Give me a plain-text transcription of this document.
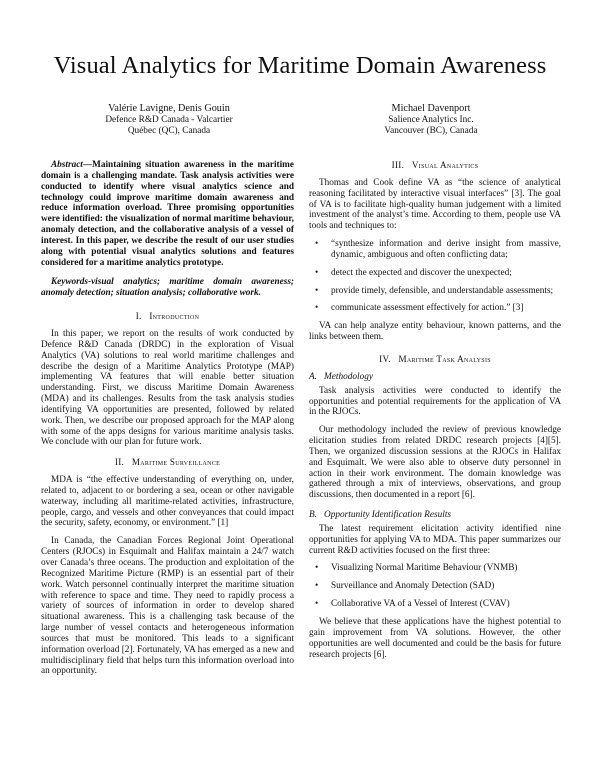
Visual Analytics for Maritime Domain Awareness
Valérie Lavigne, Denis Gouin
Defence R&D Canada - Valcartier
Québec (QC), Canada
Michael Davenport
Salience Analytics Inc.
Vancouver (BC), Canada

Abstract—Maintaining situation awareness in the maritime domain is a challenging mandate. Task analysis activities were conducted to identify where visual analytics science and technology could improve maritime domain awareness and reduce information overload. Three promising opportunities were identified: the visualization of normal maritime behaviour, anomaly detection, and the collaborative analysis of a vessel of interest. In this paper, we describe the result of our user studies along with potential visual analytics solutions and features considered for a maritime analytics prototype.

Keywords-visual analytics; maritime domain awareness; anomaly detection; situation analysis; collaborative work.

I. Introduction

In this paper, we report on the results of work conducted by Defence R&D Canada (DRDC) in the exploration of Visual Analytics (VA) solutions to real world maritime challenges and describe the design of a Maritime Analytics Prototype (MAP) implementing VA features that will enable better situation understanding. First, we discuss Maritime Domain Awareness (MDA) and its challenges. Results from the task analysis studies identifying VA opportunities are presented, followed by related work. Then, we describe our proposed approach for the MAP along with some of the apps designs for various maritime analysis tasks. We conclude with our plan for future work.

II. Maritime Surveillance

MDA is “the effective understanding of everything on, under, related to, adjacent to or bordering a sea, ocean or other navigable waterway, including all maritime-related activities, infrastructure, people, cargo, and vessels and other conveyances that could impact the security, safety, economy, or environment.” [1]

In Canada, the Canadian Forces Regional Joint Operational Centers (RJOCs) in Esquimalt and Halifax maintain a 24/7 watch over Canada’s three oceans. The production and exploitation of the Recognized Maritime Picture (RMP) is an essential part of their work. Watch personnel continually interpret the maritime situation with reference to space and time. They need to rapidly process a variety of sources of information in order to develop shared situational awareness. This is a challenging task because of the large number of vessel contacts and heterogeneous information sources that must be monitored. This leads to a significant information overload [2]. Fortunately, VA has emerged as a new and multidisciplinary field that helps turn this information overload into an opportunity.

III. Visual Analytics

Thomas and Cook define VA as “the science of analytical reasoning facilitated by interactive visual interfaces” [3]. The goal of VA is to facilitate high-quality human judgement with a limited investment of the analyst’s time. According to them, people use VA tools and techniques to:

• “synthesize information and derive insight from massive, dynamic, ambiguous and often conflicting data;
• detect the expected and discover the unexpected;
• provide timely, defensible, and understandable assessments;
• communicate assessment effectively for action.” [3]

VA can help analyze entity behaviour, known patterns, and the links between them.

IV. Maritime Task Analysis
A. Methodology

Task analysis activities were conducted to identify the opportunities and potential requirements for the application of VA in the RJOCs.

Our methodology included the review of previous knowledge elicitation studies from related DRDC research projects [4][5]. Then, we organized discussion sessions at the RJOCs in Halifax and Esquimalt. We were also able to observe duty personnel in action in their work environment. The domain knowledge was gathered through a mix of interviews, observations, and group discussions, then documented in a report [6].

B. Opportunity Identification Results

The latest requirement elicitation activity identified nine opportunities for applying VA to MDA. This paper summarizes our current R&D activities focused on the first three:

• Visualizing Normal Maritime Behaviour (VNMB)
• Surveillance and Anomaly Detection (SAD)
• Collaborative VA of a Vessel of Interest (CVAV)

We believe that these applications have the highest potential to gain improvement from VA solutions. However, the other opportunities are well documented and could be the basis for future research projects [6].
